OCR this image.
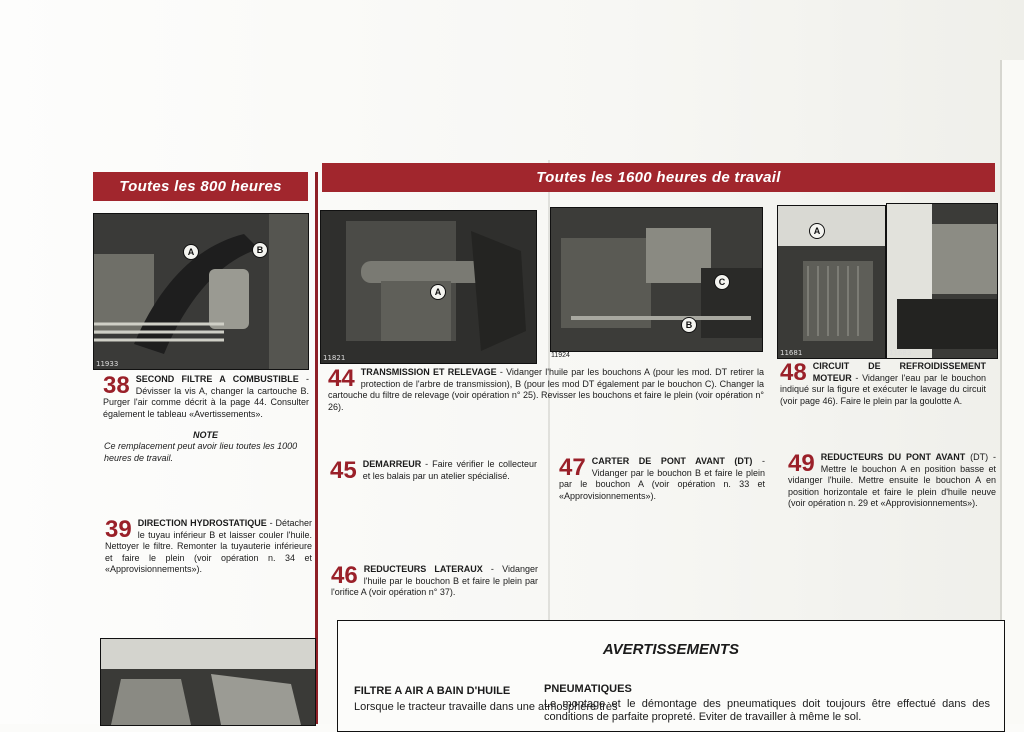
Toutes les 800 heures
Toutes les 1600 heures de travail
A	B
11933
A
11821
C
B
11924
A
11681	11683
38 SECOND FILTRE A COMBUSTIBLE - Dévisser la vis A, changer la cartouche B. Purger l'air comme décrit à la page 44. Consulter également le tableau «Avertissements».
NOTE
Ce remplacement peut avoir lieu toutes les 1000 heures de travail.
39 DIRECTION HYDROSTATIQUE - Détacher le tuyau inférieur B et laisser couler l'huile. Nettoyer le filtre. Remonter la tuyauterie inférieure et faire le plein (voir opération n. 34 et «Approvisionnements»).
44 TRANSMISSION ET RELEVAGE - Vidanger l'huile par les bouchons A (pour les mod. DT retirer la protection de l'arbre de transmission), B (pour les mod DT également par le bouchon C). Changer la cartouche du filtre de relevage (voir opération n° 25). Revisser les bouchons et faire le plein (voir opération n° 26).
45 DEMARREUR - Faire vérifier le collecteur et les balais par un atelier spécialisé.
46 REDUCTEURS LATERAUX - Vidanger l'huile par le bouchon B et faire le plein par l'orifice A (voir opération n° 37).
47 CARTER DE PONT AVANT (DT) - Vidanger par le bouchon B et faire le plein par le bouchon A (voir opération n. 33 et «Approvisionnements»).
48 CIRCUIT DE REFROIDISSEMENT MOTEUR - Vidanger l'eau par le bouchon indiqué sur la figure et exécuter le lavage du circuit (voir page 46). Faire le plein par la goulotte A.
49 REDUCTEURS DU PONT AVANT (DT) - Mettre le bouchon A en position basse et vidanger l'huile. Mettre ensuite le bouchon A en position horizontale et faire le plein d'huile neuve (voir opération n. 29 et «Approvisionnements»).
AVERTISSEMENTS
FILTRE A AIR A BAIN D'HUILE
Lorsque le tracteur travaille dans une atmosphère très
PNEUMATIQUES
Le montage et le démontage des pneumatiques doit toujours être effectué dans des conditions de parfaite propreté. Eviter de travailler à même le sol.
